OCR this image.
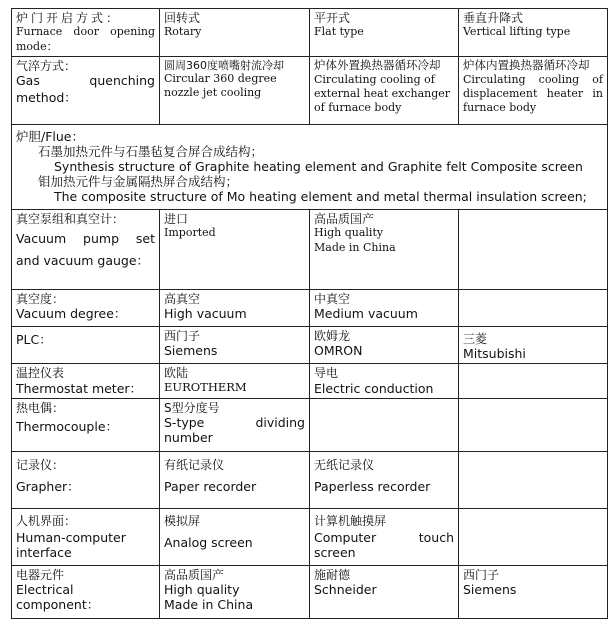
炉门开启方式：
Furnace door opening mode：	回转式
Rotary	平开式
Flat type	垂直升降式
Vertical lifting type

气淬方式：
Gas quenching method：	圆周360度喷嘴射流冷却
Circular 360 degree nozzle jet cooling	炉体外置换热器循环冷却
Circulating cooling of external heat exchanger of furnace body	炉体内置换热器循环冷却
Circulating cooling of displacement heater in furnace body

炉胆/Flue：
石墨加热元件与石墨毡复合屏合成结构；
Synthesis structure of Graphite heating element and Graphite felt Composite screen
钼加热元件与金属隔热屏合成结构；
The composite structure of Mo heating element and metal thermal insulation screen;			

真空泵组和真空计：
Vacuum pump set and vacuum gauge：	进口
Imported	高品质国产
High quality
Made in China	

真空度：
Vacuum degree：	高真空
High vacuum	中真空
Medium vacuum	

PLC：	西门子
Siemens	欧姆龙
OMRON	三菱
Mitsubishi

温控仪表
Thermostat meter：	欧陆
EUROTHERM	导电
Electric conduction	

热电偶：
Thermocouple：	S型分度号
S-type dividing number		

记录仪：
Grapher：	有纸记录仪
Paper recorder	无纸记录仪
Paperless recorder	

人机界面：
Human-computer interface	模拟屏
Analog screen	计算机触摸屏
Computer touch screen	

电器元件
Electrical component：	高品质国产
High quality
Made in China	施耐德
Schneider	西门子
Siemens
